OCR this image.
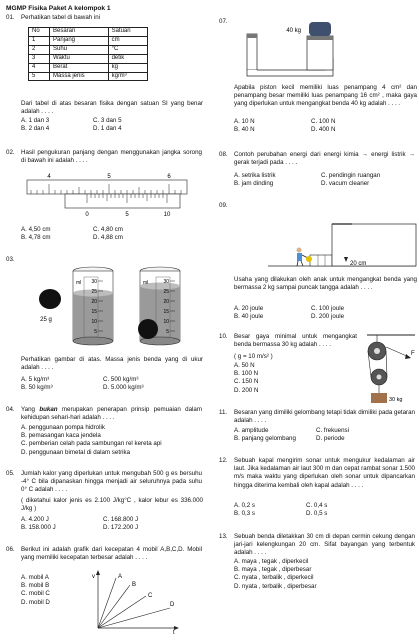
MGMP Fisika Paket A kelompok 1
01. Perhatikan tabel di bawah ini
No	Besaran	Satuan
1	Panjang	cm
2	Suhu	°C
3	Waktu	detik
4	Berat	kg
5	Massa jenis	kg/m³
Dari tabel di atas besaran fisika dengan satuan SI yang benar adalah . . . .
A. 1 dan 3	C. 3 dan 5
B. 2 dan 4	D. 1 dan 4
02. Hasil pengukuran panjang dengan menggunakan jangka sorong di bawah ini adalah . . . .
4	5	6
0	5	10
A. 4,50 cm	C. 4,80 cm
B. 4,78 cm	D. 4,88 cm
03.
25 g
30
25
20
15
10
5
ml	30
25
20
15
10
5
ml
Perhatikan gambar di atas. Massa jenis benda yang di ukur adalah . . . .
A. 5 kg/m³	C. 500 kg/m³
B. 50 kg/m³	D. 5.000 kg/m³
04. Yang bukan merupakan penerapan prinsip pemuaian dalam kehidupan sehari-hari adalah . . . .
A. penggunaan pompa hidrolik
B. pemasangan kaca jendela
C. pemberian celah pada sambungan rel kereta api
D. penggunaan bimetal di dalam setrika
05. Jumlah kalor yang diperlukan untuk mengubah 500 g es bersuhu -4° C bila dipanaskan hingga menjadi air seluruhnya pada suhu 0° C adalah . . . .
( diketahui kalor jenis es 2.100 J/kg°C , kalor lebur es 336.000 J/kg )
A. 4.200 J	C. 168.800 J
B. 158.000 J	D. 172.200 J
06. Berikut ini adalah grafik dari kecepatan 4 mobil A,B,C,D. Mobil yang memiliki kecepatan terbesar adalah . . . .
A. mobil A
B. mobil B
C. mobil C
D. mobil D
v
t
A
B
C
D
07.
40 kg
Apabila piston kecil memiliki luas penampang 4 cm² dan penampang besar memiliki luas penampang 16 cm² , maka gaya yang diperlukan untuk mengangkat benda 40 kg adalah . . . .
A. 10 N	C. 100 N
B. 40 N	D. 400 N
08. Contoh perubahan energi dari energi kimia → energi listrik → gerak terjadi pada . . . .
A. setrika listrik	C. pendingin ruangan
B. jam dinding	D. vacum cleaner
09.
20 cm
Usaha yang dilakukan oleh anak untuk mengangkat benda yang bermassa 2 kg sampai puncak tangga adalah . . . .
A. 20 joule	C. 100 joule
B. 40 joule	D. 200 joule
10. Besar gaya minimal untuk mengangkat benda bermassa 30 kg adalah . . . .
( g = 10 m/s² )
A. 50 N
B. 100 N
C. 150 N
D. 200 N
F
30 kg
11. Besaran yang dimiliki gelombang tetapi tidak dimiliki pada getaran adalah . . . .
A. amplitude	C. frekuensi
B. panjang gelombang	D. periode
12. Sebuah kapal mengirim sonar untuk mengukur kedalaman air laut. Jika kedalaman air laut 300 m dan cepat rambat sonar 1.500 m/s maka waktu yang diperlukan oleh sonar untuk dipancarkan hingga diterima kembali oleh kapal adalah . . . .
A. 0,2 s	C. 0,4 s
B. 0,3 s	D. 0,5 s
13. Sebuah benda diletakkan 30 cm di depan cermin cekung dengan jari-jari kelengkungan 20 cm. Sifat bayangan yang terbentuk adalah . . . .
A. maya , tegak , diperkecil
B. maya , tegak , diperbesar
C. nyata , terbalik , diperkecil
D. nyata , terbalik , diperbesar
